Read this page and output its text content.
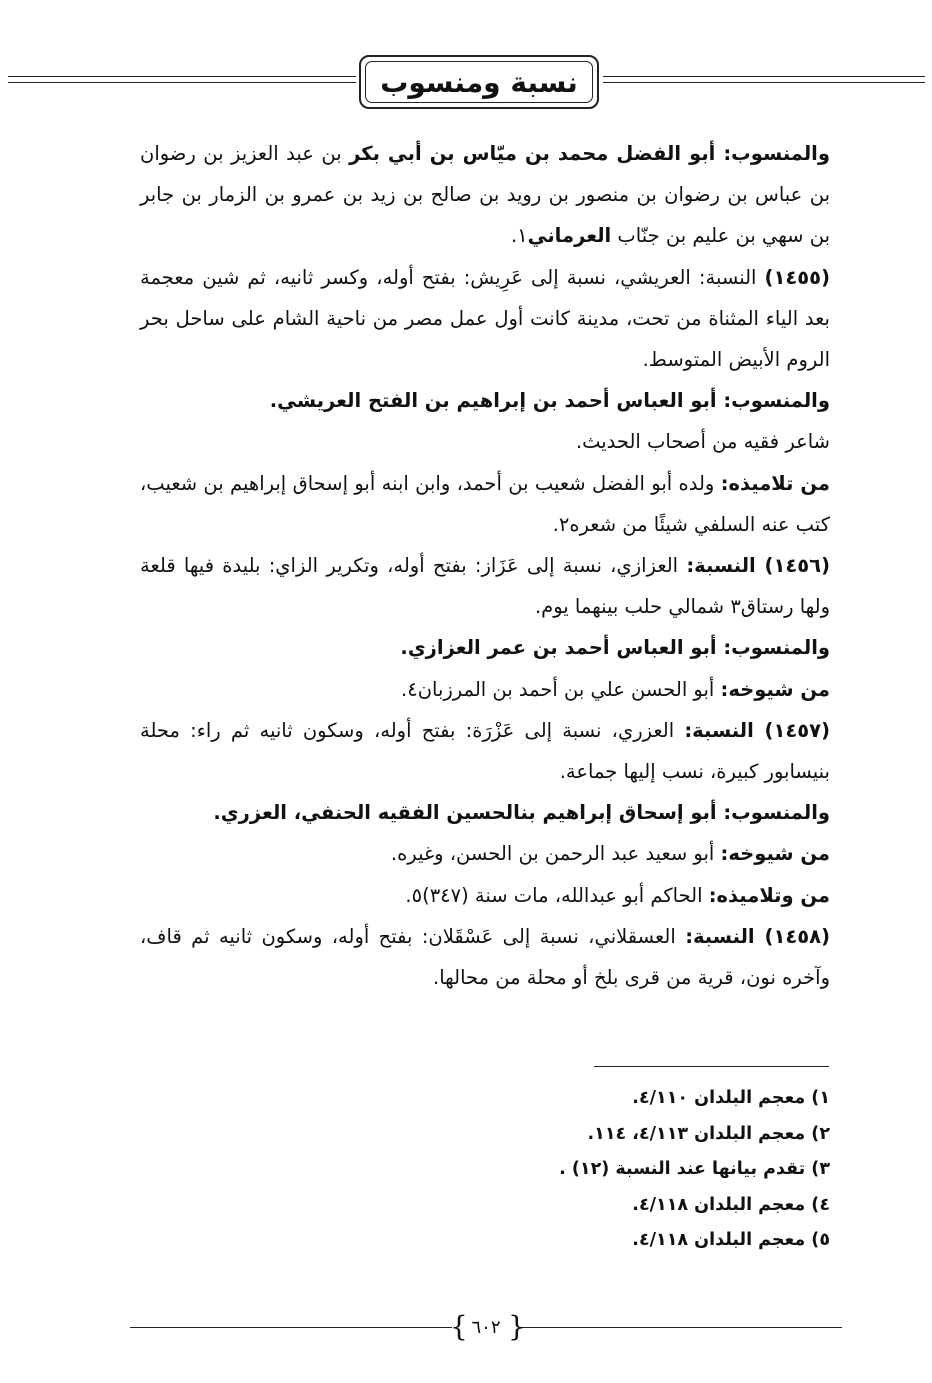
نسبة ومنسوب

والمنسوب: أبو الفضل محمد بن ميّاس بن أبي بكر بن عبد العزيز بن رضوان بن عباس بن رضوان بن منصور بن رويد بن صالح بن زيد بن عمرو بن الزمار بن جابر بن سهي بن عليم بن جنّاب العرماني١.

(١٤٥٥) النسبة: العريشي، نسبة إلى عَرِيش: بفتح أوله، وكسر ثانيه، ثم شين معجمة بعد الياء المثناة من تحت، مدينة كانت أول عمل مصر من ناحية الشام على ساحل بحر الروم الأبيض المتوسط.

والمنسوب: أبو العباس أحمد بن إبراهيم بن الفتح العريشي.

شاعر فقيه من أصحاب الحديث.

من تلاميذه: ولده أبو الفضل شعيب بن أحمد، وابن ابنه أبو إسحاق إبراهيم بن شعيب، كتب عنه السلفي شيئًا من شعره٢.

(١٤٥٦) النسبة: العزازي، نسبة إلى عَزَاز: بفتح أوله، وتكرير الزاي: بليدة فيها قلعة ولها رستاق٣ شمالي حلب بينهما يوم.

والمنسوب: أبو العباس أحمد بن عمر العزازي.

من شيوخه: أبو الحسن علي بن أحمد بن المرزبان٤.

(١٤٥٧) النسبة: العزري، نسبة إلى عَزْرَة: بفتح أوله، وسكون ثانيه ثم راء: محلة بنيسابور كبيرة، نسب إليها جماعة.

والمنسوب: أبو إسحاق إبراهيم بنالحسين الفقيه الحنفي، العزري.

من شيوخه: أبو سعيد عبد الرحمن بن الحسن، وغيره.

من وتلاميذه: الحاكم أبو عبدالله، مات سنة (٣٤٧)٥.

(١٤٥٨) النسبة: العسقلاني، نسبة إلى عَسْقَلان: بفتح أوله، وسكون ثانيه ثم قاف، وآخره نون، قرية من قرى بلخ أو محلة من محالها.

١) معجم البلدان ٤/١١٠.

٢) معجم البلدان ٤/١١٣، ١١٤.

٣) تقدم بيانها عند النسبة (١٢) .

٤) معجم البلدان ٤/١١٨.

٥) معجم البلدان ٤/١١٨.

{ }
٦٠٢
